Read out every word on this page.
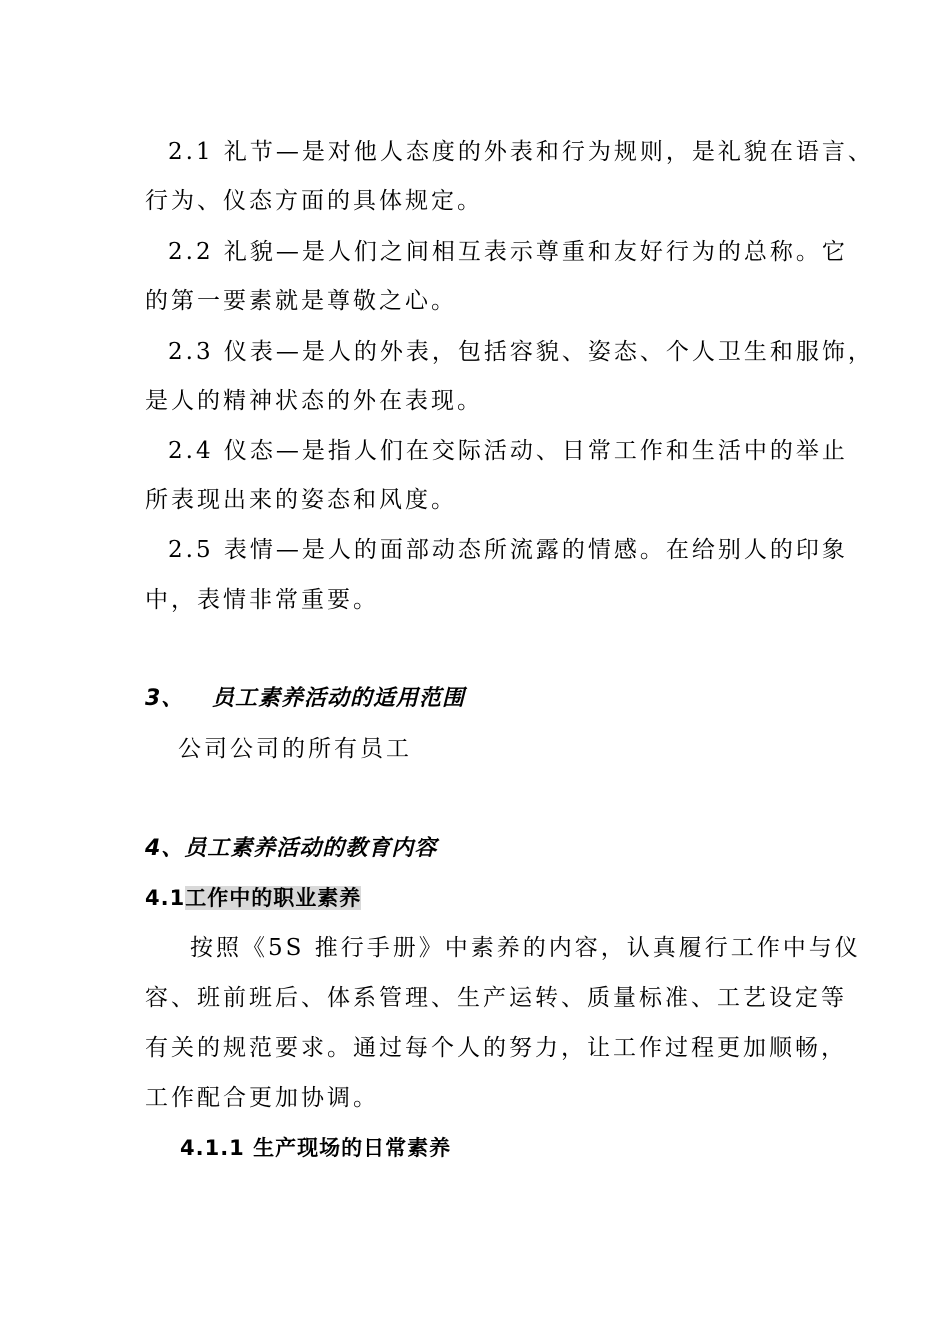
2.1 礼节—是对他人态度的外表和行为规则，是礼貌在语言、
行为、仪态方面的具体规定。
2.2 礼貌—是人们之间相互表示尊重和友好行为的总称。它
的第一要素就是尊敬之心。
2.3 仪表—是人的外表，包括容貌、姿态、个人卫生和服饰，
是人的精神状态的外在表现。
2.4 仪态—是指人们在交际活动、日常工作和生活中的举止
所表现出来的姿态和风度。
2.5 表情—是人的面部动态所流露的情感。在给别人的印象
中，表情非常重要。
3、 员工素养活动的适用范围
公司公司的所有员工
4、员工素养活动的教育内容
4.1工作中的职业素养
按照《5S 推行手册》中素养的内容，认真履行工作中与仪
容、班前班后、体系管理、生产运转、质量标准、工艺设定等
有关的规范要求。通过每个人的努力，让工作过程更加顺畅，
工作配合更加协调。
4.1.1 生产现场的日常素养
